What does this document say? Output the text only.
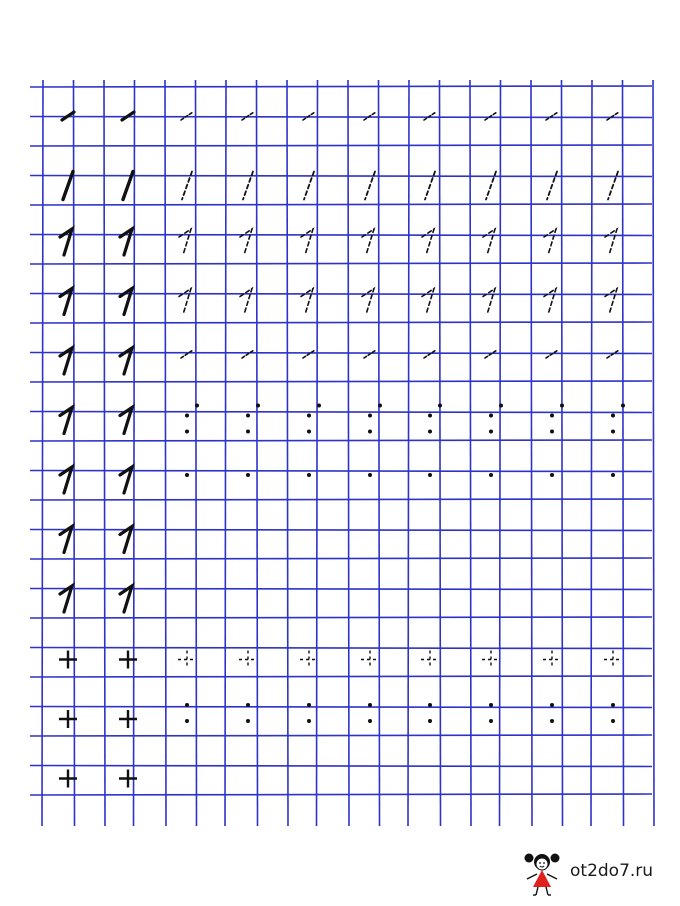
ot2do7.ru
